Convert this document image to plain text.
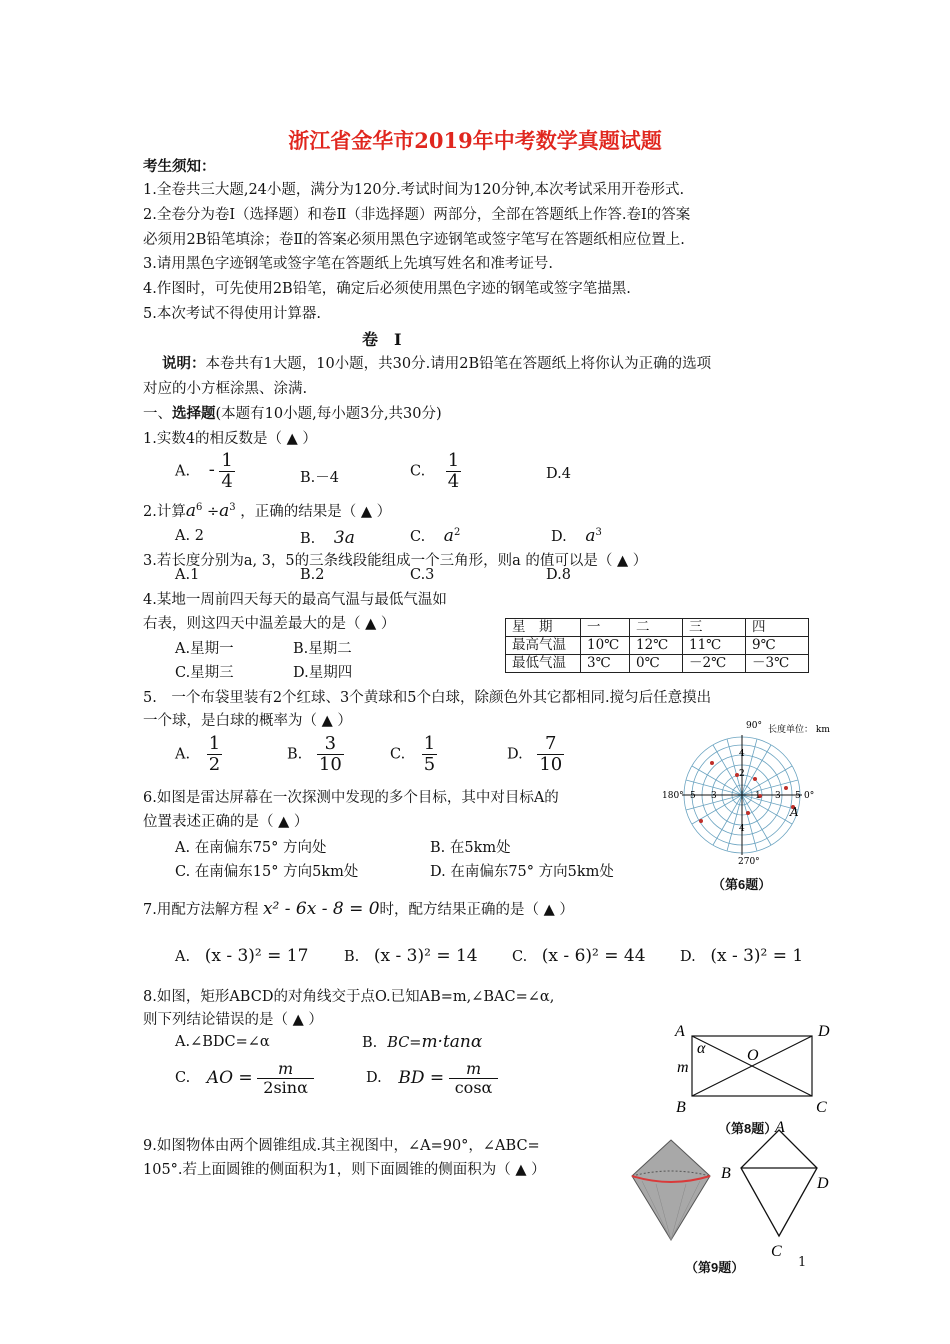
浙江省金华市2019年中考数学真题试题
考生须知：
1.全卷共三大题,24小题，满分为120分.考试时间为120分钟,本次考试采用开卷形式.
2.全卷分为卷Ⅰ（选择题）和卷Ⅱ（非选择题）两部分，全部在答题纸上作答.卷Ⅰ的答案
必须用2B铅笔填涂；卷Ⅱ的答案必须用黑色字迹钢笔或签字笔写在答题纸相应位置上.
3.请用黑色字迹钢笔或签字笔在答题纸上先填写姓名和准考证号.
4.作图时，可先使用2B铅笔，确定后必须使用黑色字迹的钢笔或签字笔描黑.
5.本次考试不得使用计算器.
卷　Ⅰ
说明：本卷共有1大题，10小题，共30分.请用2B铅笔在答题纸上将你认为正确的选项
对应的小方框涂黑、涂满.
一、选择题(本题有10小题,每小题3分,共30分)
1.实数4的相反数是（ ▲ ）
A. - $\frac{1}{4}$	B.－4	C. $\frac{1}{4}$	D.4
2.计算$a^6 \div a^3$ ，正确的结果是（ ▲ ）
A. 2	B. 3a	C. $a^2$	D. $a^3$
3.若长度分别为a, 3，5的三条线段能组成一个三角形，则a 的值可以是（ ▲ ）
A.1	B.2	C.3	D.8
4.某地一周前四天每天的最高气温与最低气温如
右表，则这四天中温差最大的是（ ▲ ）
A.星期一	B.星期二
C.星期三	D.星期四
星　期	一	二	三	四
最高气温	10℃	12℃	11℃	9℃
最低气温	3℃	0℃	－2℃	－3℃
5.　一个布袋里装有2个红球、3个黄球和5个白球，除颜色外其它都相同.搅匀后任意摸出
一个球，是白球的概率为（ ▲ ）
A. $\frac{1}{2}$	B. $\frac{3}{10}$	C. $\frac{1}{5}$	D. $\frac{7}{10}$
90° 长度单位： km
0°
180°
270°
4
2
4
1 3 5
5 3
A
（第6题）
6.如图是雷达屏幕在一次探测中发现的多个目标，其中对目标A的
位置表述正确的是（ ▲ ）
A. 在南偏东75° 方向处	B. 在5km处
C. 在南偏东15° 方向5km处	D. 在南偏东75° 方向5km处
7.用配方法解方程 x² - 6x - 8 = 0时，配方结果正确的是（ ▲ ）
A. (x - 3)² = 17 B. (x - 3)² = 14 C. (x - 6)² = 44 D. (x - 3)² = 1
8.如图，矩形ABCD的对角线交于点O.已知AB=m,∠BAC=∠α,
则下列结论错误的是（ ▲ ）
A.∠BDC=∠α	B. BC=m·tanα
C. AO = $\frac{m}{2\sin\alpha}$	D. BD = $\frac{m}{\cos\alpha}$
A	D
B	C
O
m
α
（第8题）
9.如图物体由两个圆锥组成.其主视图中，∠A=90°，∠ABC=
105°.若上面圆锥的侧面积为1，则下面圆锥的侧面积为（ ▲ ）
A
B
D
C
（第9题）	1
